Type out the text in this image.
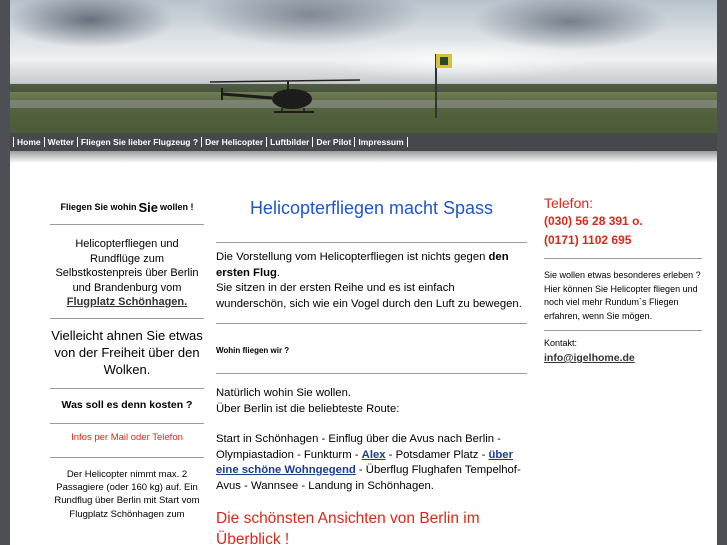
Home Wetter Fliegen Sie lieber Flugzeug ? Der Helicopter Luftbilder Der Pilot Impressum
Fliegen Sie wohin Sie wollen !
Helicopterfliegen und Rundflüge zum Selbstkostenpreis über Berlin und Brandenburg vom Flugplatz Schönhagen.
Vielleicht ahnen Sie etwas von der Freiheit über den Wolken.
Was soll es denn kosten ?
Infos per Mail oder Telefon
Der Helicopter nimmt max. 2 Passagiere (oder 160 kg) auf. Ein Rundflug über Berlin mit Start vom Flugplatz Schönhagen zum
Helicopterfliegen macht Spass

Die Vorstellung vom Helicopterfliegen ist nichts gegen den ersten Flug.
Sie sitzen in der ersten Reihe und es ist einfach wunderschön, sich wie ein Vogel durch den Luft zu bewegen.

Wohin fliegen wir ?

Natürlich wohin Sie wollen.
Über Berlin ist die beliebteste Route:

Start in Schönhagen - Einflug über die Avus nach Berlin - Olympiastadion - Funkturm - Alex - Potsdamer Platz - über eine schöne Wohngegend - Überflug Flughafen Tempelhof-Avus - Wannsee - Landung in Schönhagen.

Die schönsten Ansichten von Berlin im Überblick !
Telefon:
(030) 56 28 391 o.
(0171) 1102 695
Sie wollen etwas besonderes erleben ? Hier können Sie Helicopter fliegen und noch viel mehr Rundum`s Fliegen erfahren, wenn Sie mögen.
Kontakt:
info@igelhome.de
